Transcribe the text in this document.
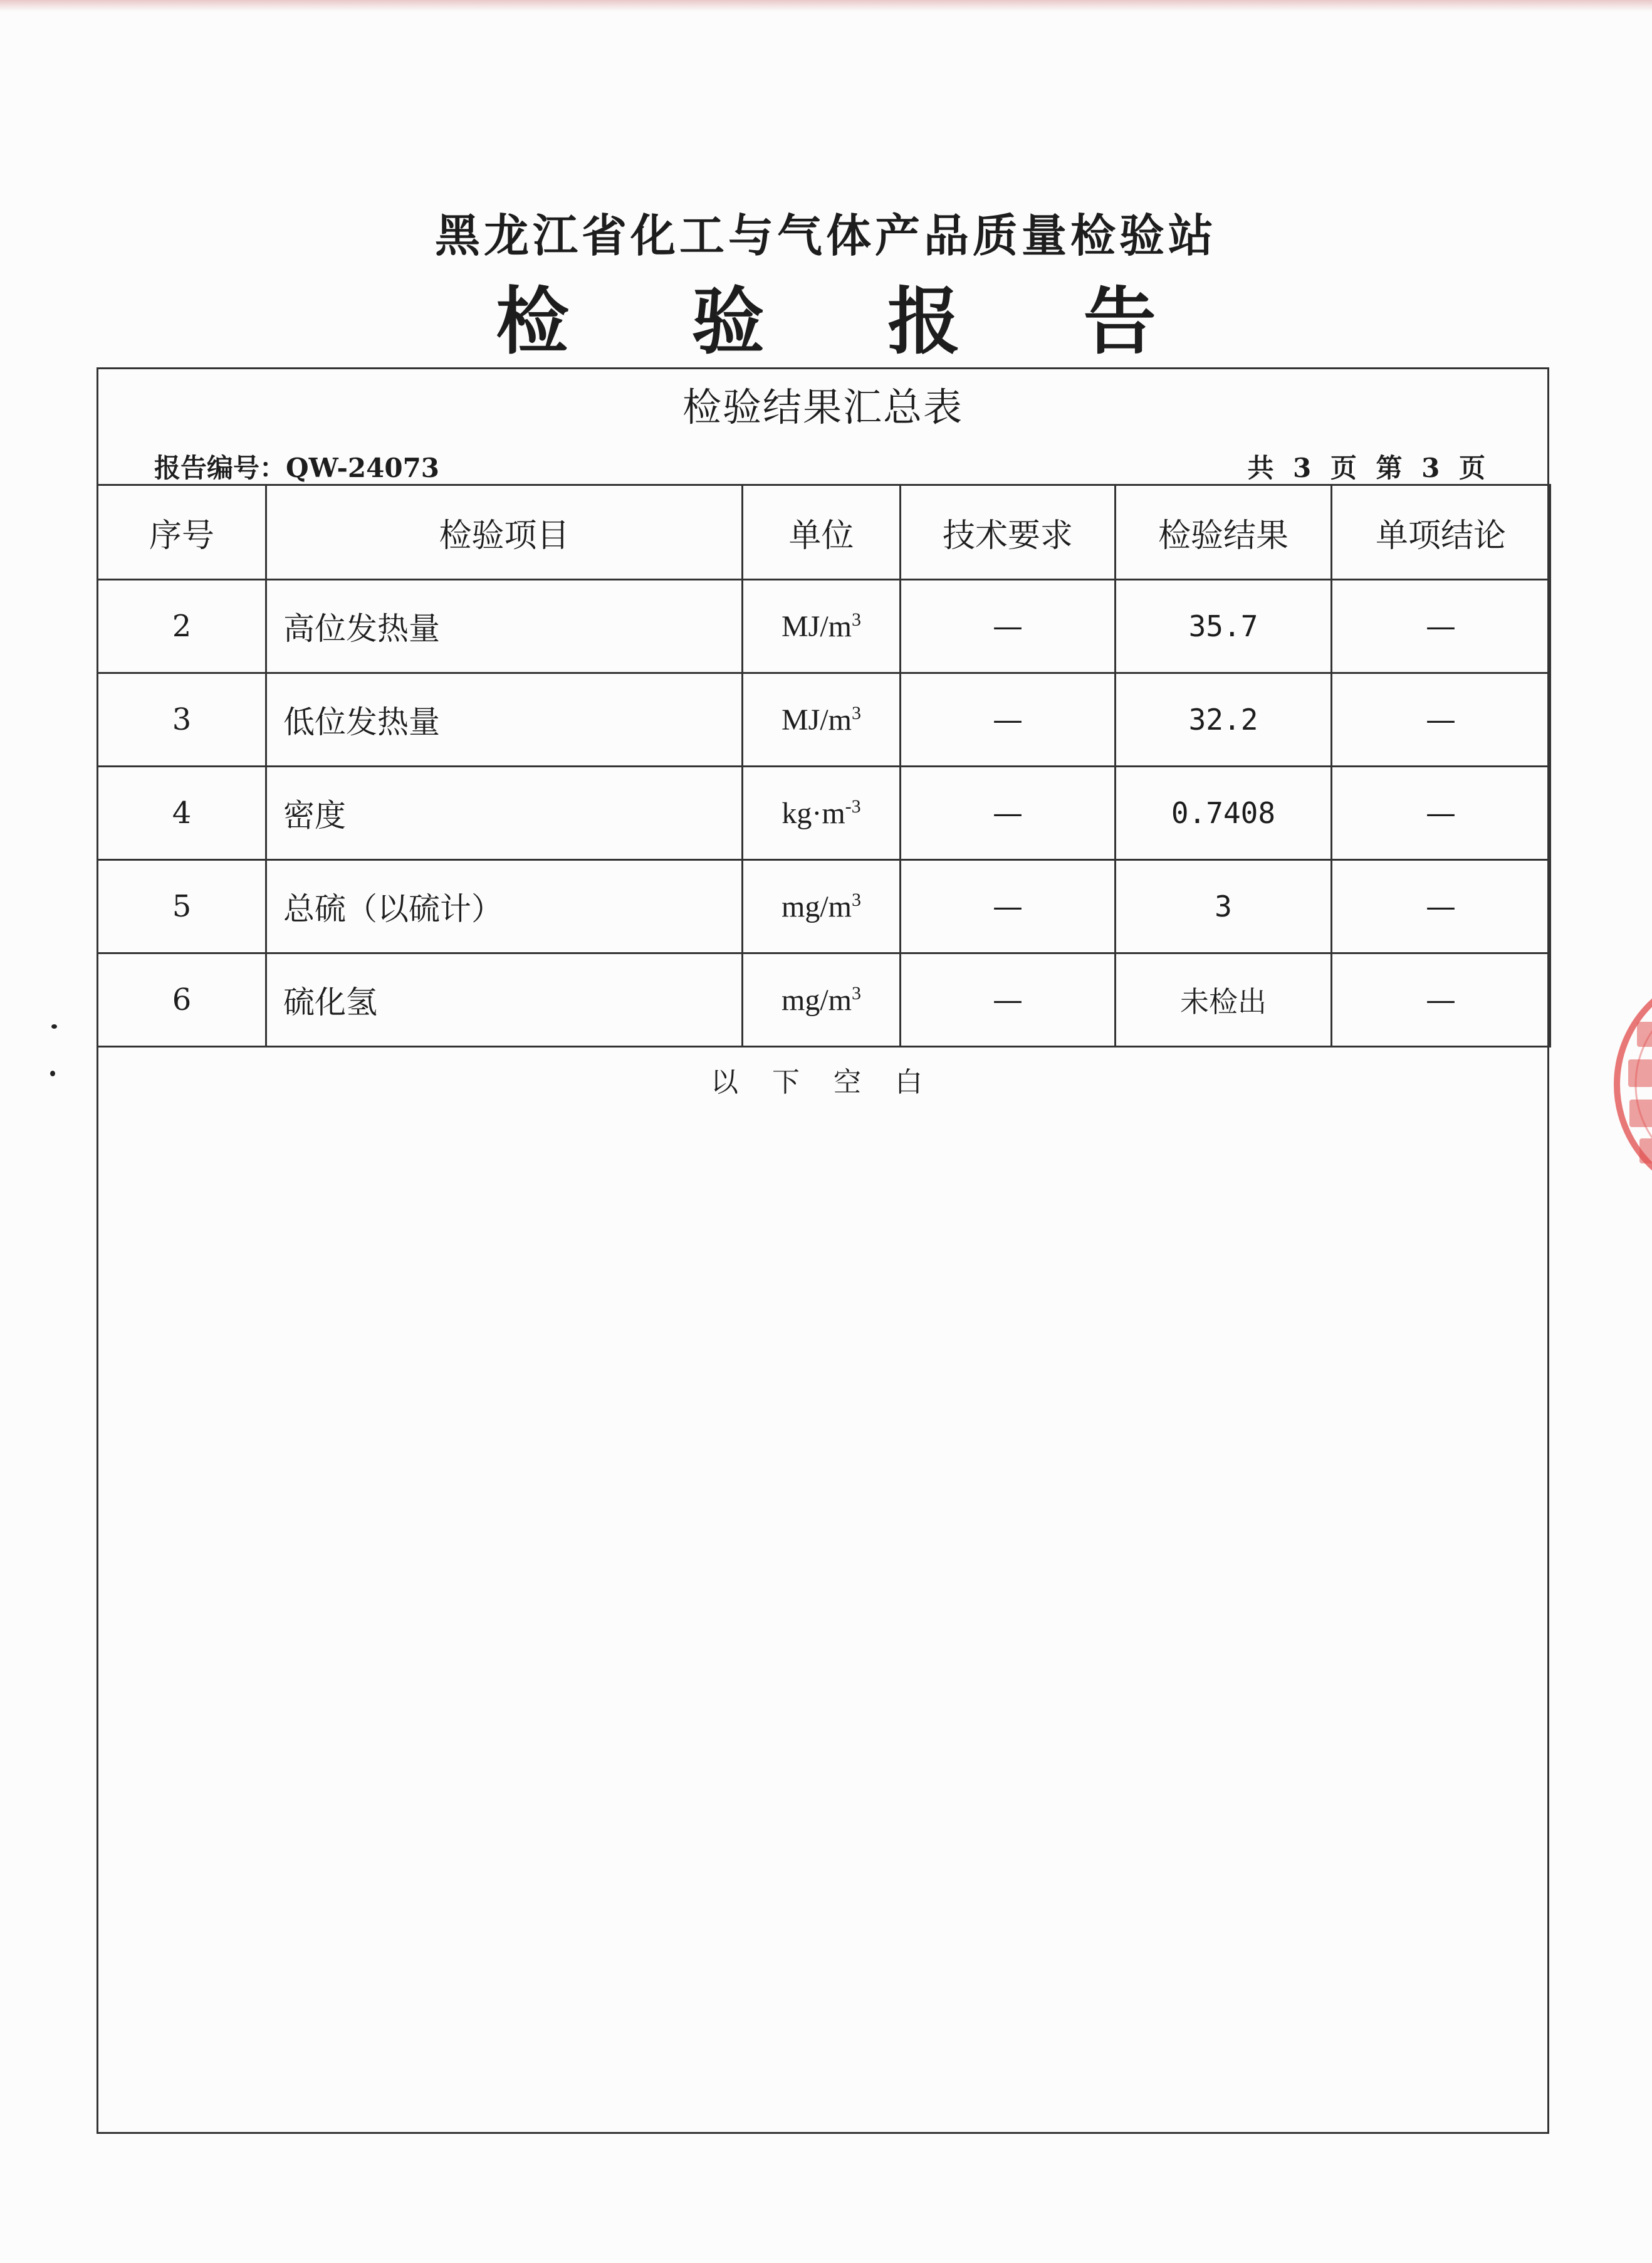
黑龙江省化工与气体产品质量检验站
检 验 报 告
检验结果汇总表
报告编号：QW-24073	共 3 页 第 3 页
序号	检验项目	单位	技术要求	检验结果	单项结论
2	高位发热量	$MJ/m^3$	—	35.7	—
3	低位发热量	$MJ/m^3$	—	32.2	—
4	密度	$kg\cdot m^{-3}$	—	0.7408	—
5	总硫（以硫计）	$mg/m^3$	—	3	—
6	硫化氢	$mg/m^3$	—	未检出	—
以 下 空 白
